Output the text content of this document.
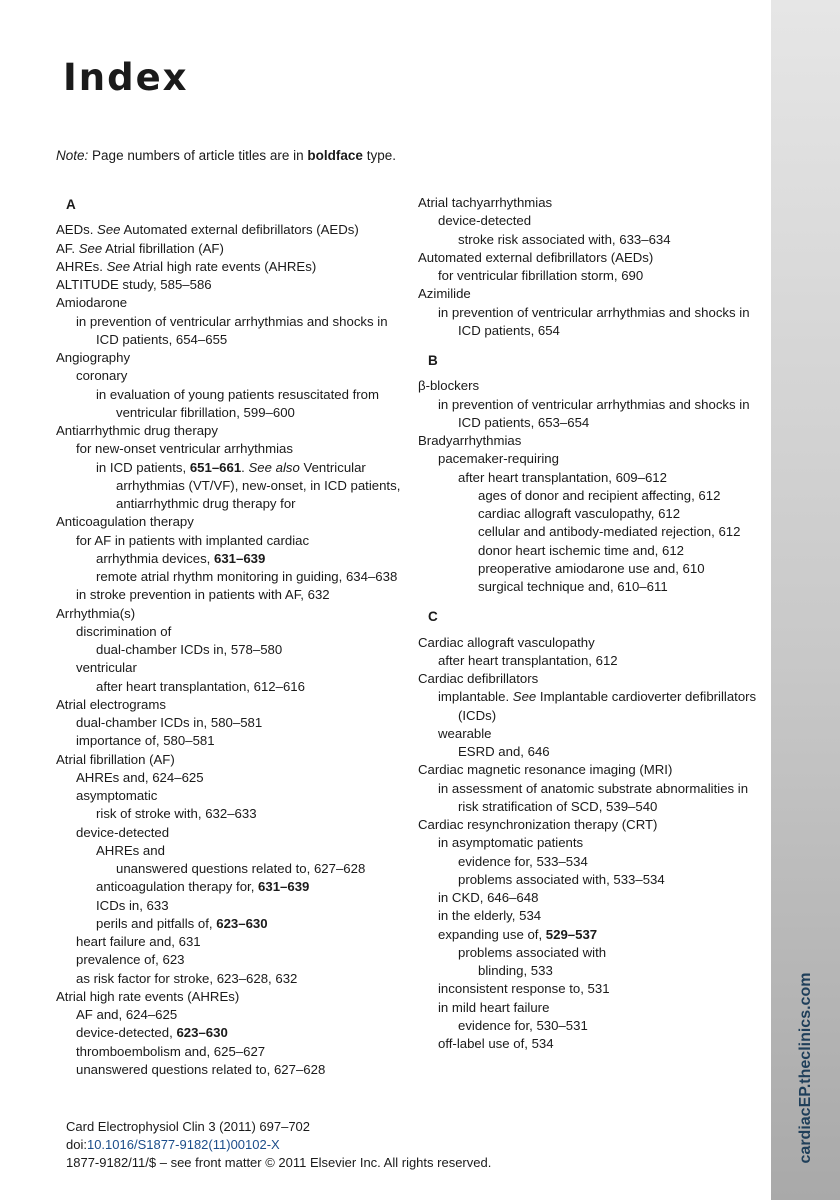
cardiacEP.theclinics.com
Index
Note: Page numbers of article titles are in boldface type.
A
AEDs. See Automated external defibrillators (AEDs)
AF. See Atrial fibrillation (AF)
AHREs. See Atrial high rate events (AHREs)
ALTITUDE study, 585–586
Amiodarone
in prevention of ventricular arrhythmias and shocks in ICD patients, 654–655
Angiography
coronary
in evaluation of young patients resuscitated from ventricular fibrillation, 599–600
Antiarrhythmic drug therapy
for new-onset ventricular arrhythmias
in ICD patients, 651–661. See also Ventricular arrhythmias (VT/VF), new-onset, in ICD patients, antiarrhythmic drug therapy for
Anticoagulation therapy
for AF in patients with implanted cardiac
arrhythmia devices, 631–639
remote atrial rhythm monitoring in guiding, 634–638
in stroke prevention in patients with AF, 632
Arrhythmia(s)
discrimination of
dual-chamber ICDs in, 578–580
ventricular
after heart transplantation, 612–616
Atrial electrograms
dual-chamber ICDs in, 580–581
importance of, 580–581
Atrial fibrillation (AF)
AHREs and, 624–625
asymptomatic
risk of stroke with, 632–633
device-detected
AHREs and
unanswered questions related to, 627–628
anticoagulation therapy for, 631–639
ICDs in, 633
perils and pitfalls of, 623–630
heart failure and, 631
prevalence of, 623
as risk factor for stroke, 623–628, 632
Atrial high rate events (AHREs)
AF and, 624–625
device-detected, 623–630
thromboembolism and, 625–627
unanswered questions related to, 627–628
Atrial tachyarrhythmias
device-detected
stroke risk associated with, 633–634
Automated external defibrillators (AEDs)
for ventricular fibrillation storm, 690
Azimilide
in prevention of ventricular arrhythmias and shocks in ICD patients, 654
B
β-blockers
in prevention of ventricular arrhythmias and shocks in ICD patients, 653–654
Bradyarrhythmias
pacemaker-requiring
after heart transplantation, 609–612
ages of donor and recipient affecting, 612
cardiac allograft vasculopathy, 612
cellular and antibody-mediated rejection, 612
donor heart ischemic time and, 612
preoperative amiodarone use and, 610
surgical technique and, 610–611
C
Cardiac allograft vasculopathy
after heart transplantation, 612
Cardiac defibrillators
implantable. See Implantable cardioverter defibrillators (ICDs)
wearable
ESRD and, 646
Cardiac magnetic resonance imaging (MRI)
in assessment of anatomic substrate abnormalities in risk stratification of SCD, 539–540
Cardiac resynchronization therapy (CRT)
in asymptomatic patients
evidence for, 533–534
problems associated with, 533–534
in CKD, 646–648
in the elderly, 534
expanding use of, 529–537
problems associated with blinding, 533
inconsistent response to, 531
in mild heart failure
evidence for, 530–531
off-label use of, 534
Card Electrophysiol Clin 3 (2011) 697–702
doi:10.1016/S1877-9182(11)00102-X
1877-9182/11/$ – see front matter © 2011 Elsevier Inc. All rights reserved.
